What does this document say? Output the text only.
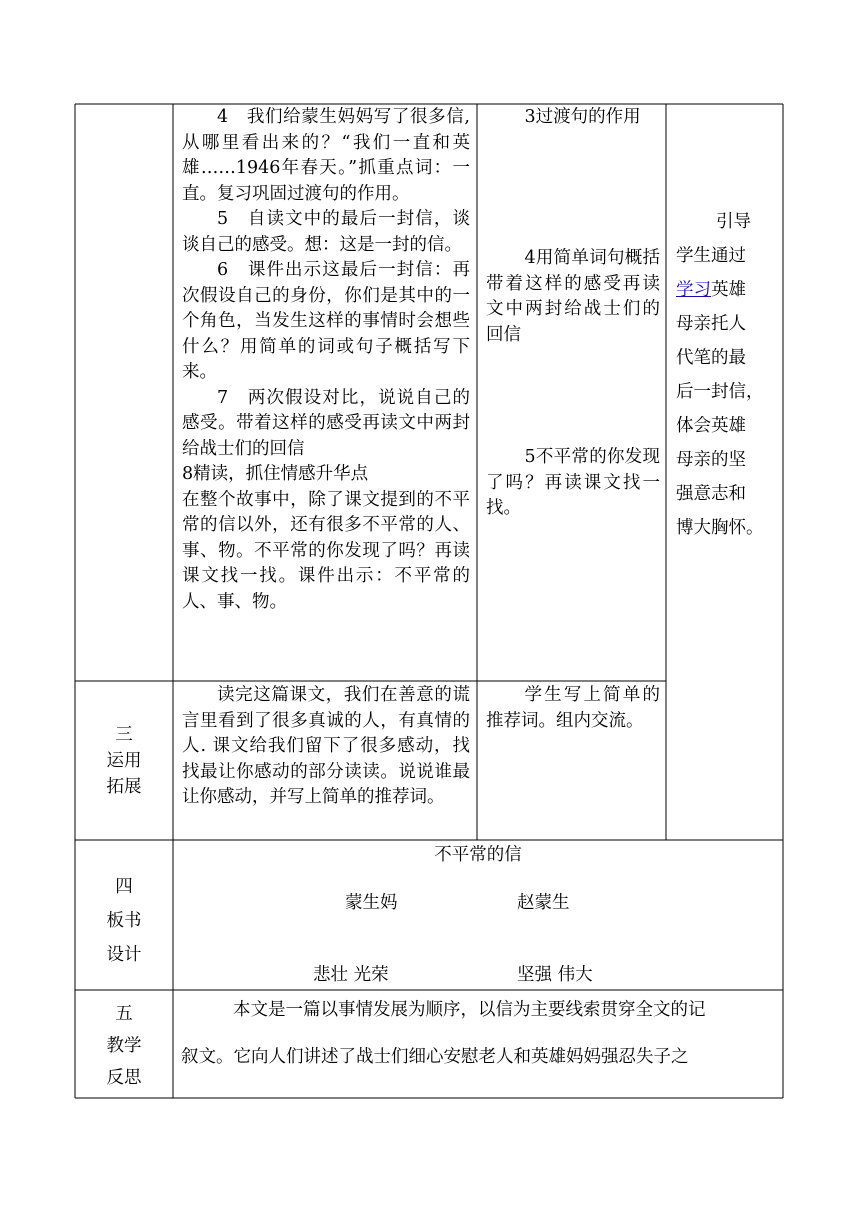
4　我们给蒙生妈妈写了很多信,从哪里看出来的？“我们一直和英雄……1946年春天。”抓重点词：一直。复习巩固过渡句的作用。

5　自读文中的最后一封信，谈谈自己的感受。想：这是一封的信。

6　课件出示这最后一封信：再次假设自己的身份，你们是其中的一个角色，当发生这样的事情时会想些什么？用简单的词或句子概括写下来。

7　两次假设对比，说说自己的感受。带着这样的感受再读文中两封给战士们的回信

8精读，抓住情感升华点

在整个故事中，除了课文提到的不平常的信以外，还有很多不平常的人、事、物。不平常的你发现了吗？再读课文找一找。课件出示：不平常的人、事、物。

3过渡句的作用

4用简单词句概括带着这样的感受再读文中两封给战士们的回信

5不平常的你发现了吗？再读课文找一找。

引导
学生通过
学习英雄
母亲托人
代笔的最
后一封信，
体会英雄
母亲的坚
强意志和
博大胸怀。
三
运用
拓展

读完这篇课文，我们在善意的谎言里看到了很多真诚的人，有真情的人. 课文给我们留下了很多感动，找找最让你感动的部分读读。说说谁最让你感动，并写上简单的推荐词。

学生写上简单的推荐词。组内交流。

四
板书
设计
不平常的信
蒙生妈	赵蒙生
悲壮 光荣	坚强 伟大
五
教学
反思
本文是一篇以事情发展为顺序，以信为主要线索贯穿全文的记
叙文。它向人们讲述了战士们细心安慰老人和英雄妈妈强忍失子之
